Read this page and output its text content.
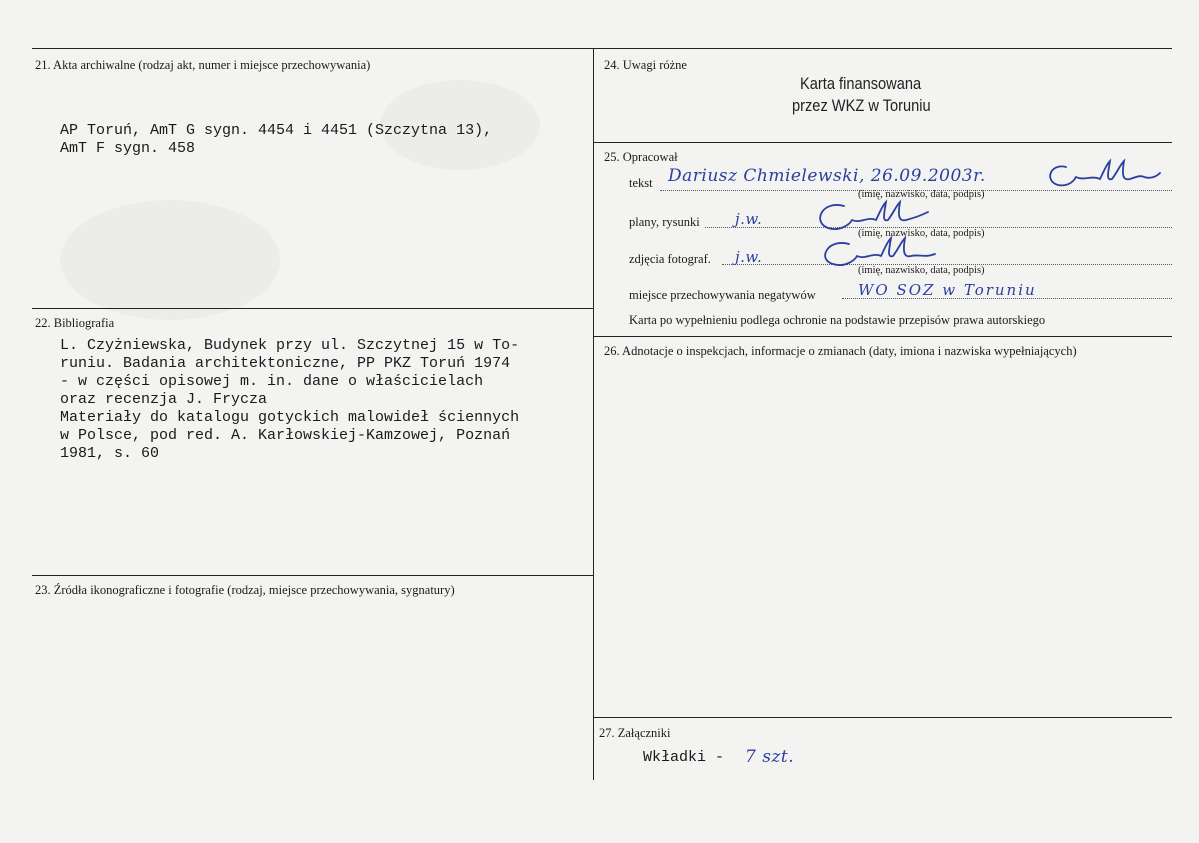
21. Akta archiwalne (rodzaj akt, numer i miejsce przechowywania)
AP Toruń, AmT G sygn. 4454 i 4451 (Szczytna 13),
AmT F sygn. 458
22. Bibliografia
L. Czyżniewska, Budynek przy ul. Szczytnej 15 w To-
runiu. Badania architektoniczne, PP PKZ Toruń 1974
- w części opisowej m. in. dane o właścicielach
oraz recenzja J. Frycza
Materiały do katalogu gotyckich malowideł ściennych
w Polsce, pod red. A. Karłowskiej-Kamzowej, Poznań
1981, s. 60
23. Źródła ikonograficzne i fotografie (rodzaj, miejsce przechowywania, sygnatury)
24. Uwagi różne
Karta finansowana
przez WKZ w Toruniu
25. Opracował
tekst Dariusz Chmielewski, 26.09.2003r.
(imię, nazwisko, data, podpis)
plany, rysunki j.w.
(imię, nazwisko, data, podpis)
zdjęcia fotograf. j.w.
(imię, nazwisko, data, podpis)
miejsce przechowywania negatywów	WO SOZ w Toruniu
Karta po wypełnieniu podlega ochronie na podstawie przepisów prawa autorskiego
26. Adnotacje o inspekcjach, informacje o zmianach (daty, imiona i nazwiska wypełniających)
27. Załączniki
Wkładki - 7 szt.
